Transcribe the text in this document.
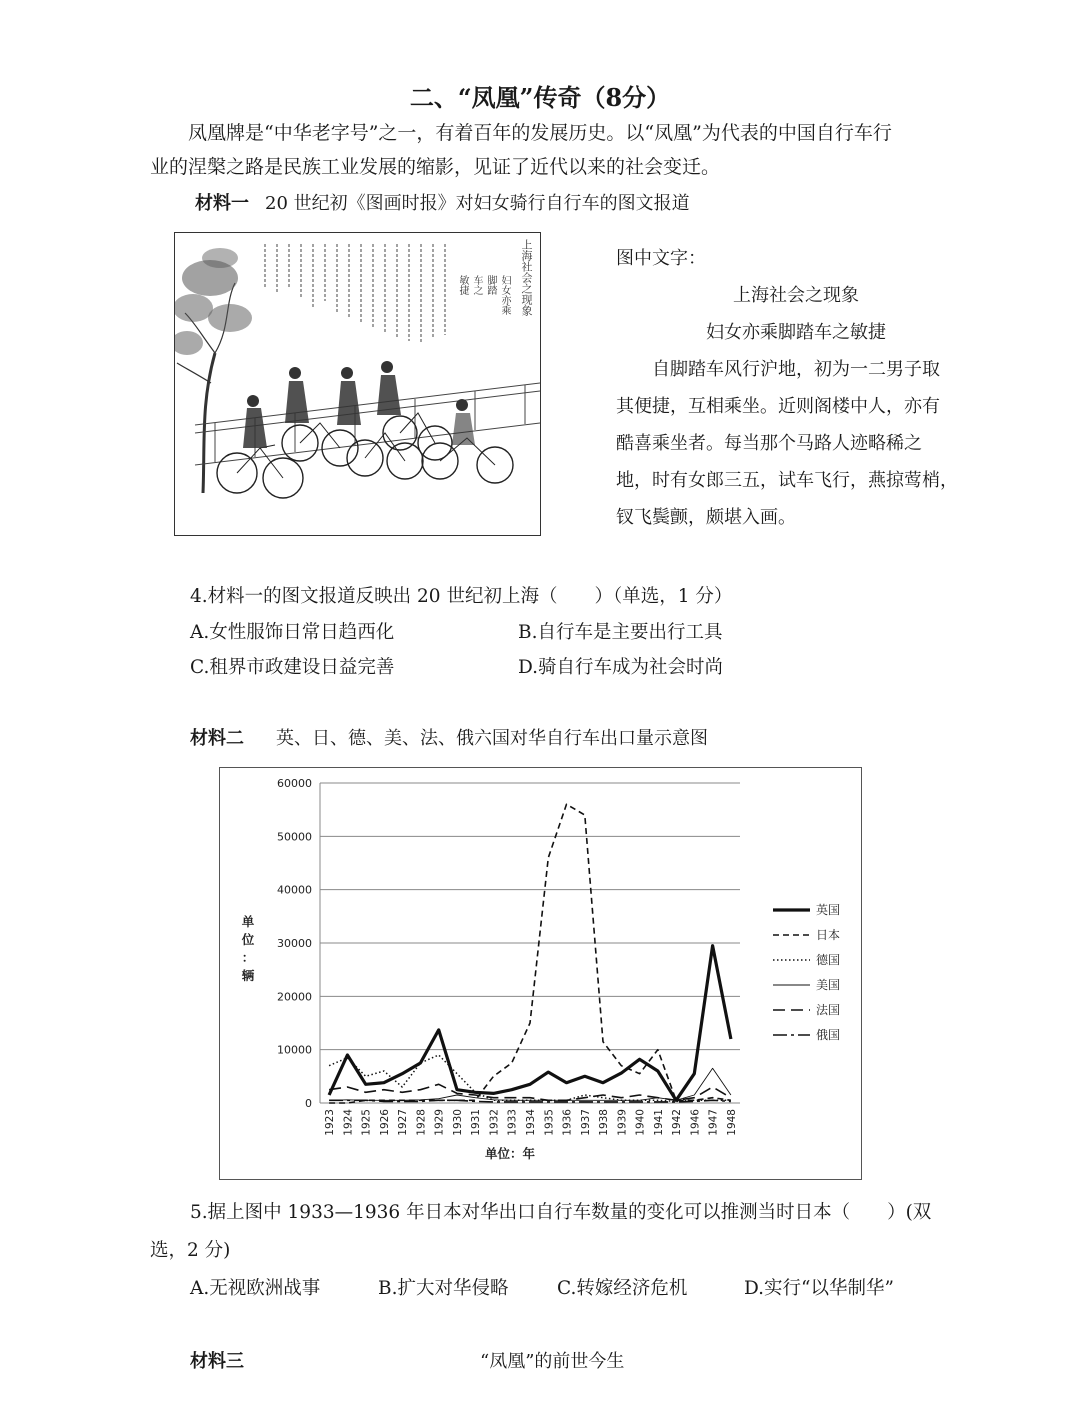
二、“凤凰”传奇（8分）

凤凰牌是“中华老字号”之一，有着百年的发展历史。以“凤凰”为代表的中国自行车行

业的涅槃之路是民族工业发展的缩影，见证了近代以来的社会变迁。

材料一 20 世纪初《图画时报》对妇女骑行自行车的图文报道
上海社会之现象
妇女亦乘
脚踏
车之
敏捷
图中文字：
上海社会之现象
妇女亦乘脚踏车之敏捷
自脚踏车风行沪地，初为一二男子取
其便捷，互相乘坐。近则阁楼中人，亦有
酷喜乘坐者。每当那个马路人迹略稀之
地，时有女郎三五，试车飞行，燕掠莺梢，
钗飞鬓颤，颇堪入画。
4.材料一的图文报道反映出 20 世纪初上海（　　）（单选，1 分）
A.女性服饰日常日趋西化	B.自行车是主要出行工具
C.租界市政建设日益完善	D.骑自行车成为社会时尚
材料二 英、日、德、美、法、俄六国对华自行车出口量示意图
0
10000
20000
30000
40000
50000
60000
1923 1924 1925 1926 1927 1928 1929 1930 1931 1932 1933 1934 1935 1936 1937 1938 1939 1940 1941 1942 1946 1947 1948
单位：年
单
位
：
辆
英国
日本
德国
美国
法国
俄国
5.据上图中 1933—1936 年日本对华出口自行车数量的变化可以推测当时日本（　　）(双
选，2 分)
A.无视欧洲战事	B.扩大对华侵略	C.转嫁经济危机	D.实行“以华制华”
材料三	“凤凰”的前世今生
